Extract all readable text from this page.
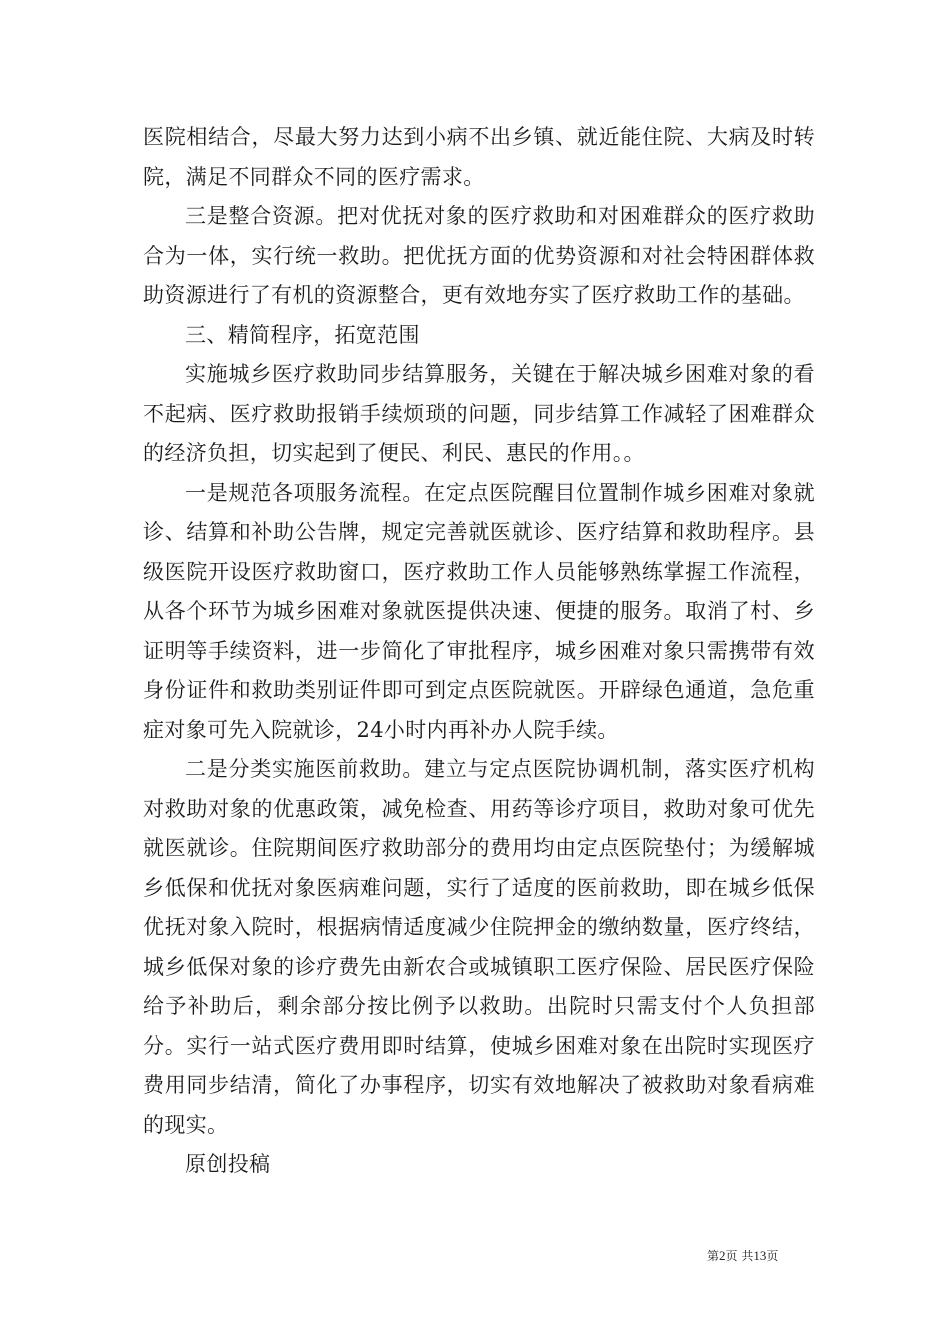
医院相结合，尽最大努力达到小病不出乡镇、就近能住院、大病及时转院，满足不同群众不同的医疗需求。

三是整合资源。把对优抚对象的医疗救助和对困难群众的医疗救助合为一体，实行统一救助。把优抚方面的优势资源和对社会特困群体救助资源进行了有机的资源整合，更有效地夯实了医疗救助工作的基础。

三、精简程序，拓宽范围

实施城乡医疗救助同步结算服务，关键在于解决城乡困难对象的看不起病、医疗救助报销手续烦琐的问题，同步结算工作减轻了困难群众的经济负担，切实起到了便民、利民、惠民的作用。。

一是规范各项服务流程。在定点医院醒目位置制作城乡困难对象就诊、结算和补助公告牌，规定完善就医就诊、医疗结算和救助程序。县级医院开设医疗救助窗口，医疗救助工作人员能够熟练掌握工作流程，从各个环节为城乡困难对象就医提供决速、便捷的服务。取消了村、乡证明等手续资料，进一步简化了审批程序，城乡困难对象只需携带有效身份证件和救助类别证件即可到定点医院就医。开辟绿色通道，急危重症对象可先入院就诊，24小时内再补办人院手续。

二是分类实施医前救助。建立与定点医院协调机制，落实医疗机构对救助对象的优惠政策，减免检查、用药等诊疗项目，救助对象可优先就医就诊。住院期间医疗救助部分的费用均由定点医院垫付；为缓解城乡低保和优抚对象医病难问题，实行了适度的医前救助，即在城乡低保优抚对象入院时，根据病情适度减少住院押金的缴纳数量，医疗终结，城乡低保对象的诊疗费先由新农合或城镇职工医疗保险、居民医疗保险给予补助后，剩余部分按比例予以救助。出院时只需支付个人负担部分。实行一站式医疗费用即时结算，使城乡困难对象在出院时实现医疗费用同步结清，简化了办事程序，切实有效地解决了被救助对象看病难的现实。

原创投稿

第2页 共13页
